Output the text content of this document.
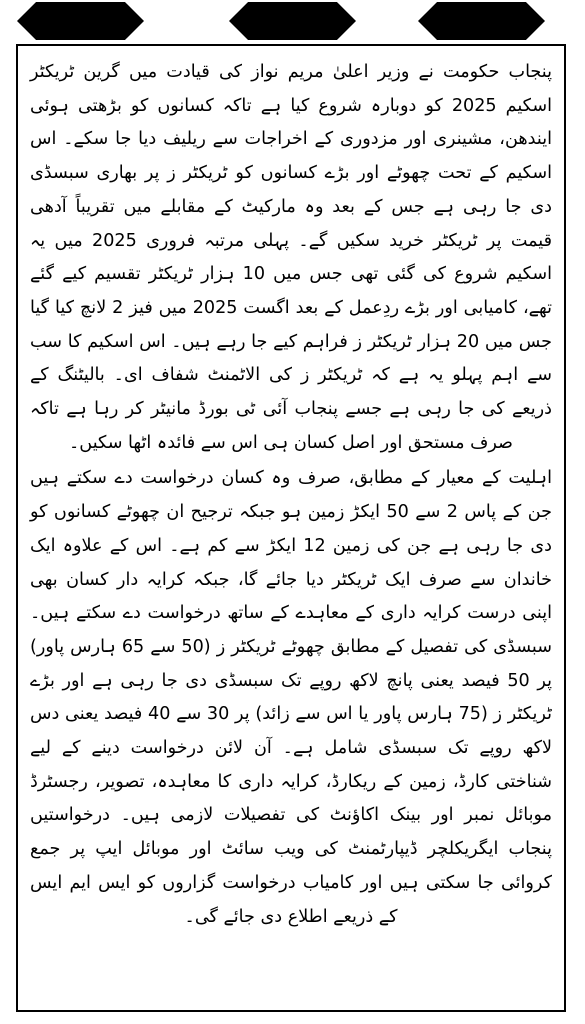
پنجاب حکومت نے وزیر اعلیٰ مریم نواز کی قیادت میں گرین ٹریکٹر اسکیم 2025 کو دوبارہ شروع کیا ہے تاکہ کسانوں کو بڑھتی ہوئی ایندھن، مشینری اور مزدوری کے اخراجات سے ریلیف دیا جا سکے۔ اس اسکیم کے تحت چھوٹے اور بڑے کسانوں کو ٹریکٹر ز پر بھاری سبسڈی دی جا رہی ہے جس کے بعد وہ مارکیٹ کے مقابلے میں تقریباً آدھی قیمت پر ٹریکٹر خرید سکیں گے۔ پہلی مرتبہ فروری 2025 میں یہ اسکیم شروع کی گئی تھی جس میں 10 ہزار ٹریکٹر تقسیم کیے گئے تھے، کامیابی اور بڑے ردِعمل کے بعد اگست 2025 میں فیز 2 لانچ کیا گیا جس میں 20 ہزار ٹریکٹر ز فراہم کیے جا رہے ہیں۔ اس اسکیم کا سب سے اہم پہلو یہ ہے کہ ٹریکٹر ز کی الاٹمنٹ شفاف ای۔ بالیٹنگ کے ذریعے کی جا رہی ہے جسے پنجاب آئی ٹی بورڈ مانیٹر کر رہا ہے تاکہ صرف مستحق اور اصل کسان ہی اس سے فائدہ اٹھا سکیں۔

اہلیت کے معیار کے مطابق، صرف وہ کسان درخواست دے سکتے ہیں جن کے پاس 2 سے 50 ایکڑ زمین ہو جبکہ ترجیح ان چھوٹے کسانوں کو دی جا رہی ہے جن کی زمین 12 ایکڑ سے کم ہے۔ اس کے علاوہ ایک خاندان سے صرف ایک ٹریکٹر دیا جائے گا، جبکہ کرایہ دار کسان بھی اپنی درست کرایہ داری کے معاہدے کے ساتھ درخواست دے سکتے ہیں۔ سبسڈی کی تفصیل کے مطابق چھوٹے ٹریکٹر ز (50 سے 65 ہارس پاور) پر 50 فیصد یعنی پانچ لاکھ روپے تک سبسڈی دی جا رہی ہے اور بڑے ٹریکٹر ز (75 ہارس پاور یا اس سے زائد) پر 30 سے 40 فیصد یعنی دس لاکھ روپے تک سبسڈی شامل ہے۔ آن لائن درخواست دینے کے لیے شناختی کارڈ، زمین کے ریکارڈ، کرایہ داری کا معاہدہ، تصویر، رجسٹرڈ موبائل نمبر اور بینک اکاؤنٹ کی تفصیلات لازمی ہیں۔ درخواستیں پنجاب ایگریکلچر ڈیپارٹمنٹ کی ویب سائٹ اور موبائل ایپ پر جمع کروائی جا سکتی ہیں اور کامیاب درخواست گزاروں کو ایس ایم ایس کے ذریعے اطلاع دی جائے گی۔
